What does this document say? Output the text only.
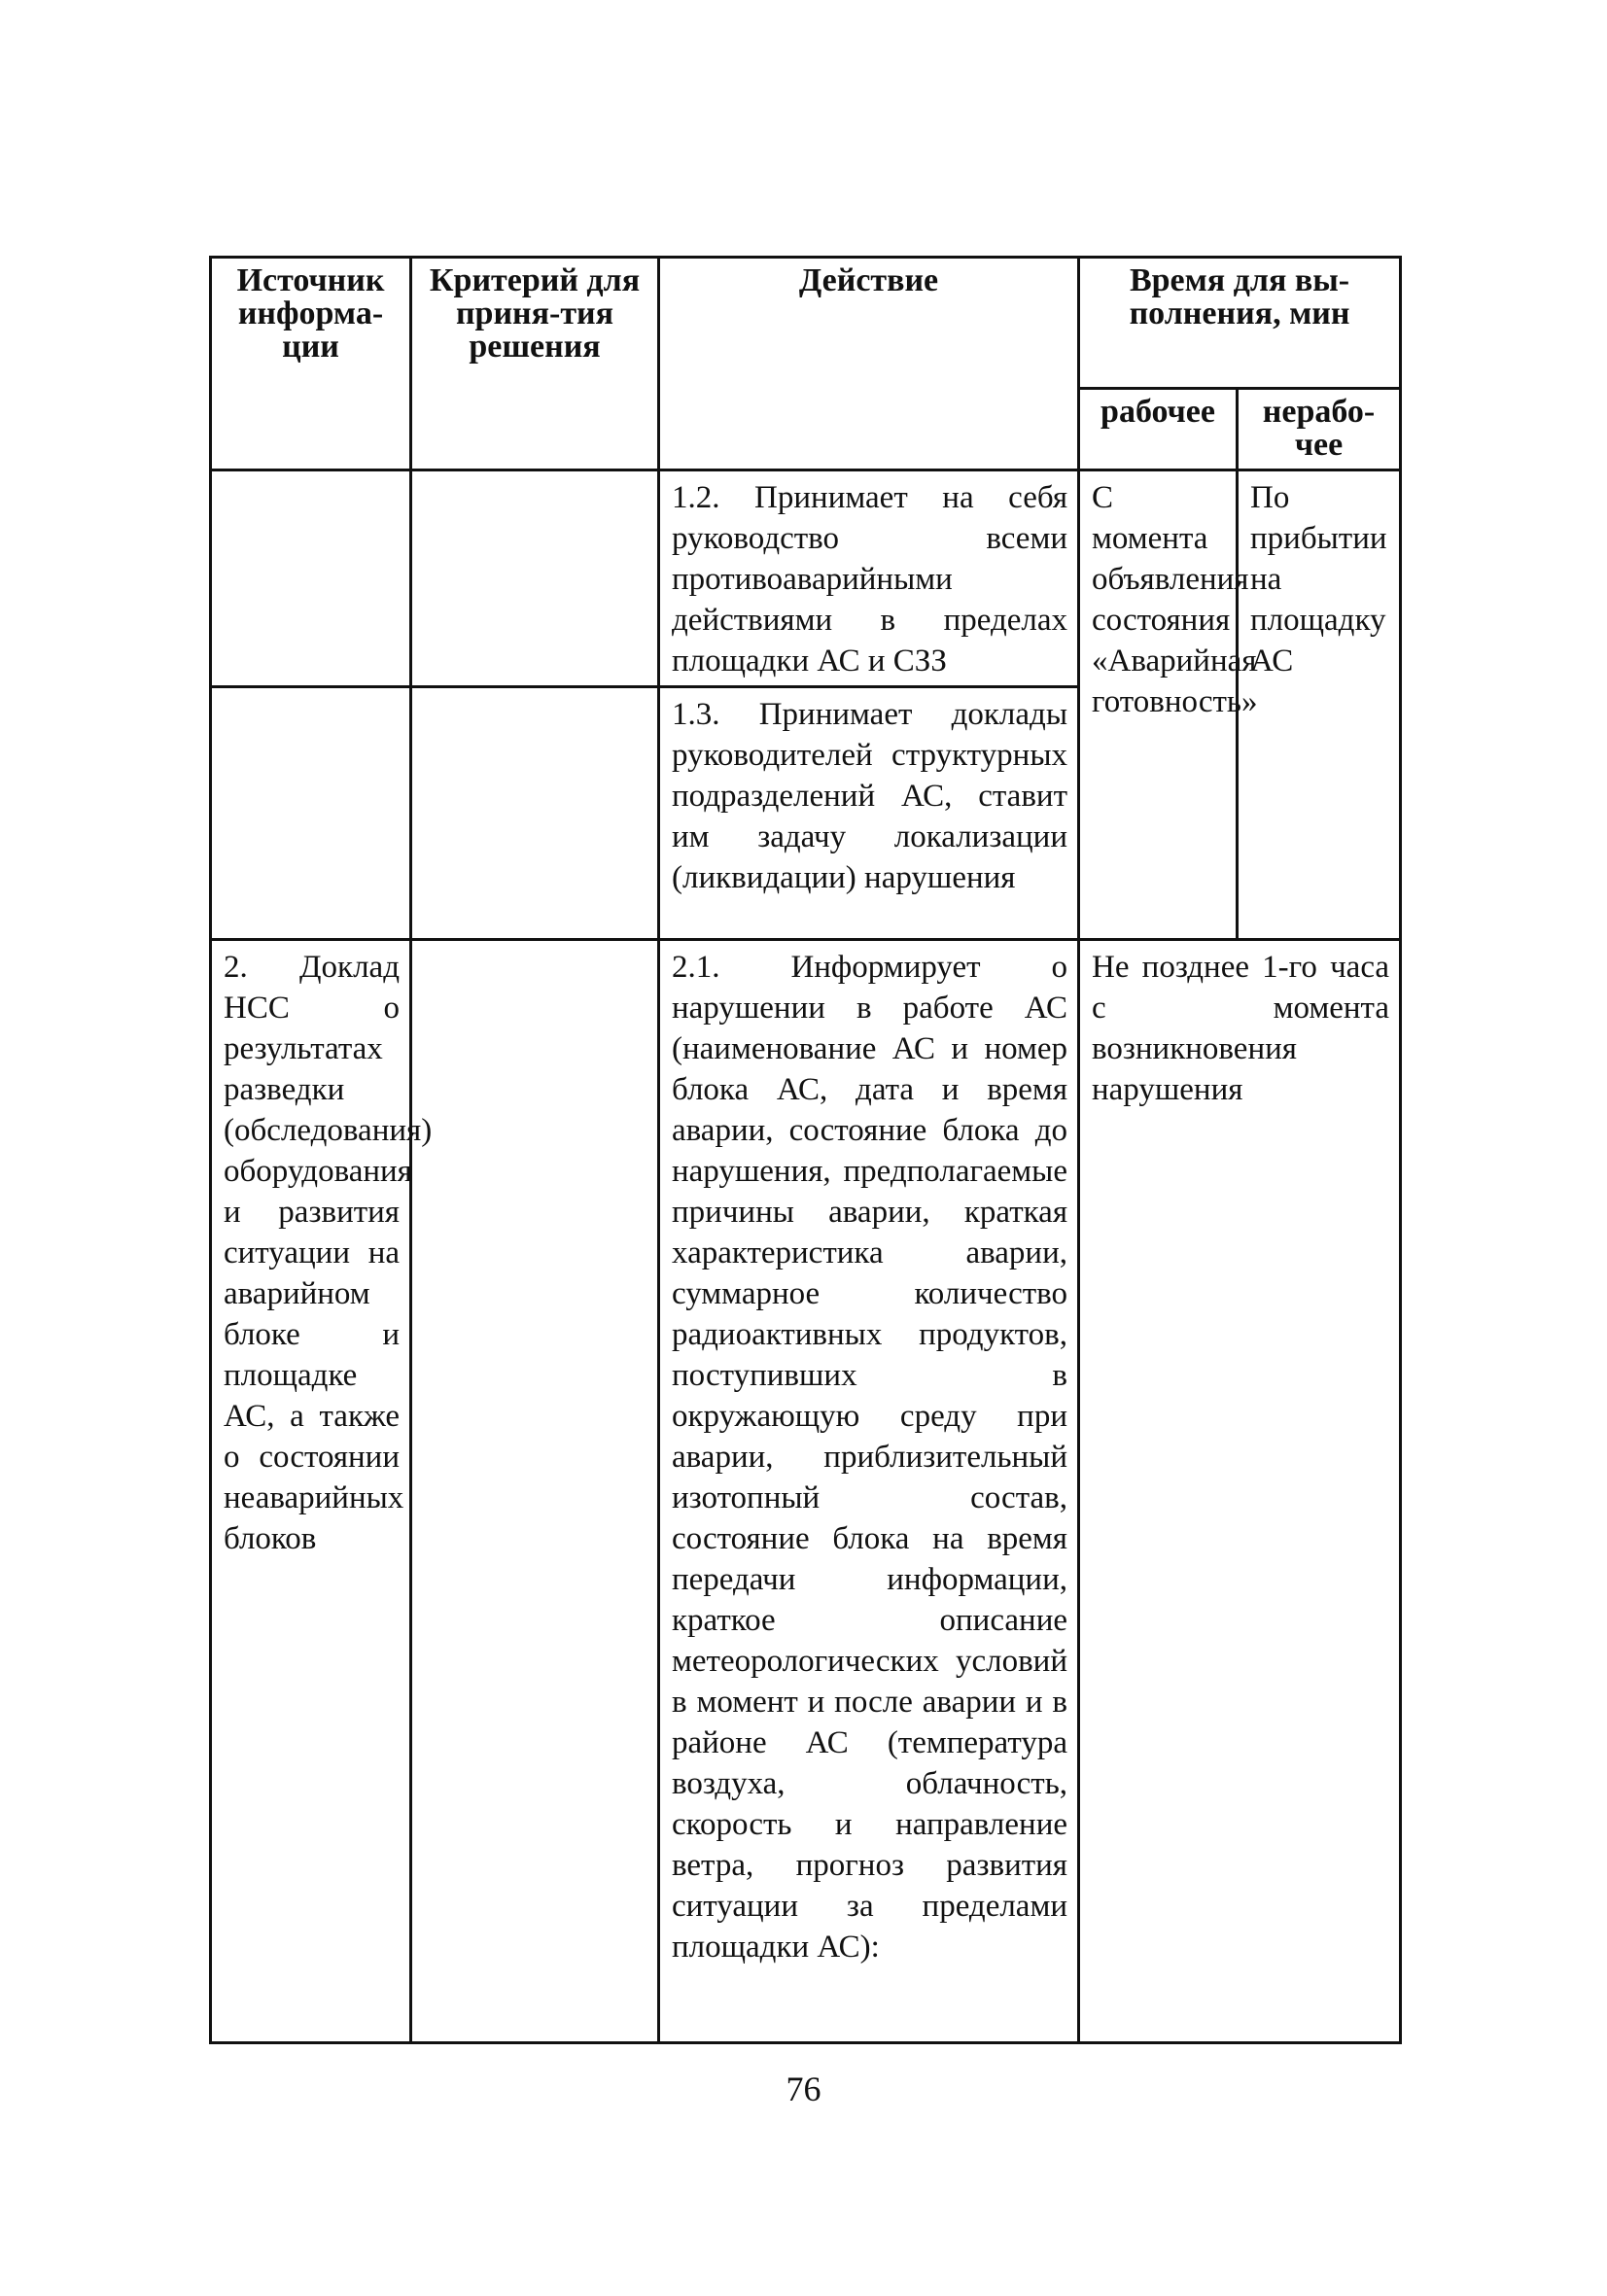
Источник информа-ции	Критерий для приня-тия решения	Действие	Время для вы-полнения, мин	
			рабочее	нерабо-чее
		1.2. Принимает на себя руководство всеми противоаварийными действиями в пределах площадки АС и СЗЗ	С момента объявления состояния «Аварийная готовность»	По прибытии на площадку АС
		1.3. Принимает доклады руководителей структурных подразделений АС, ставит им задачу локализации (ликвидации) нарушения		
2. Доклад НСС о результатах разведки (обследования) оборудования и развития ситуации на аварийном блоке и площадке АС, а также о состоянии неаварийных блоков		2.1. Информирует о нарушении в работе АС (наименование АС и номер блока АС, дата и время аварии, состояние блока до нарушения, предполагаемые причины аварии, краткая характеристика аварии, суммарное количество радиоактивных продуктов, поступивших в окружающую среду при аварии, приблизительный изотопный состав, состояние блока на время передачи информации, краткое описание метеорологических условий в момент и после аварии и в районе АС (температура воздуха, облачность, скорость и направление ветра, прогноз развития ситуации за пределами площадки АС):	Не позднее 1-го часа с момента возникновения нарушения	
76
